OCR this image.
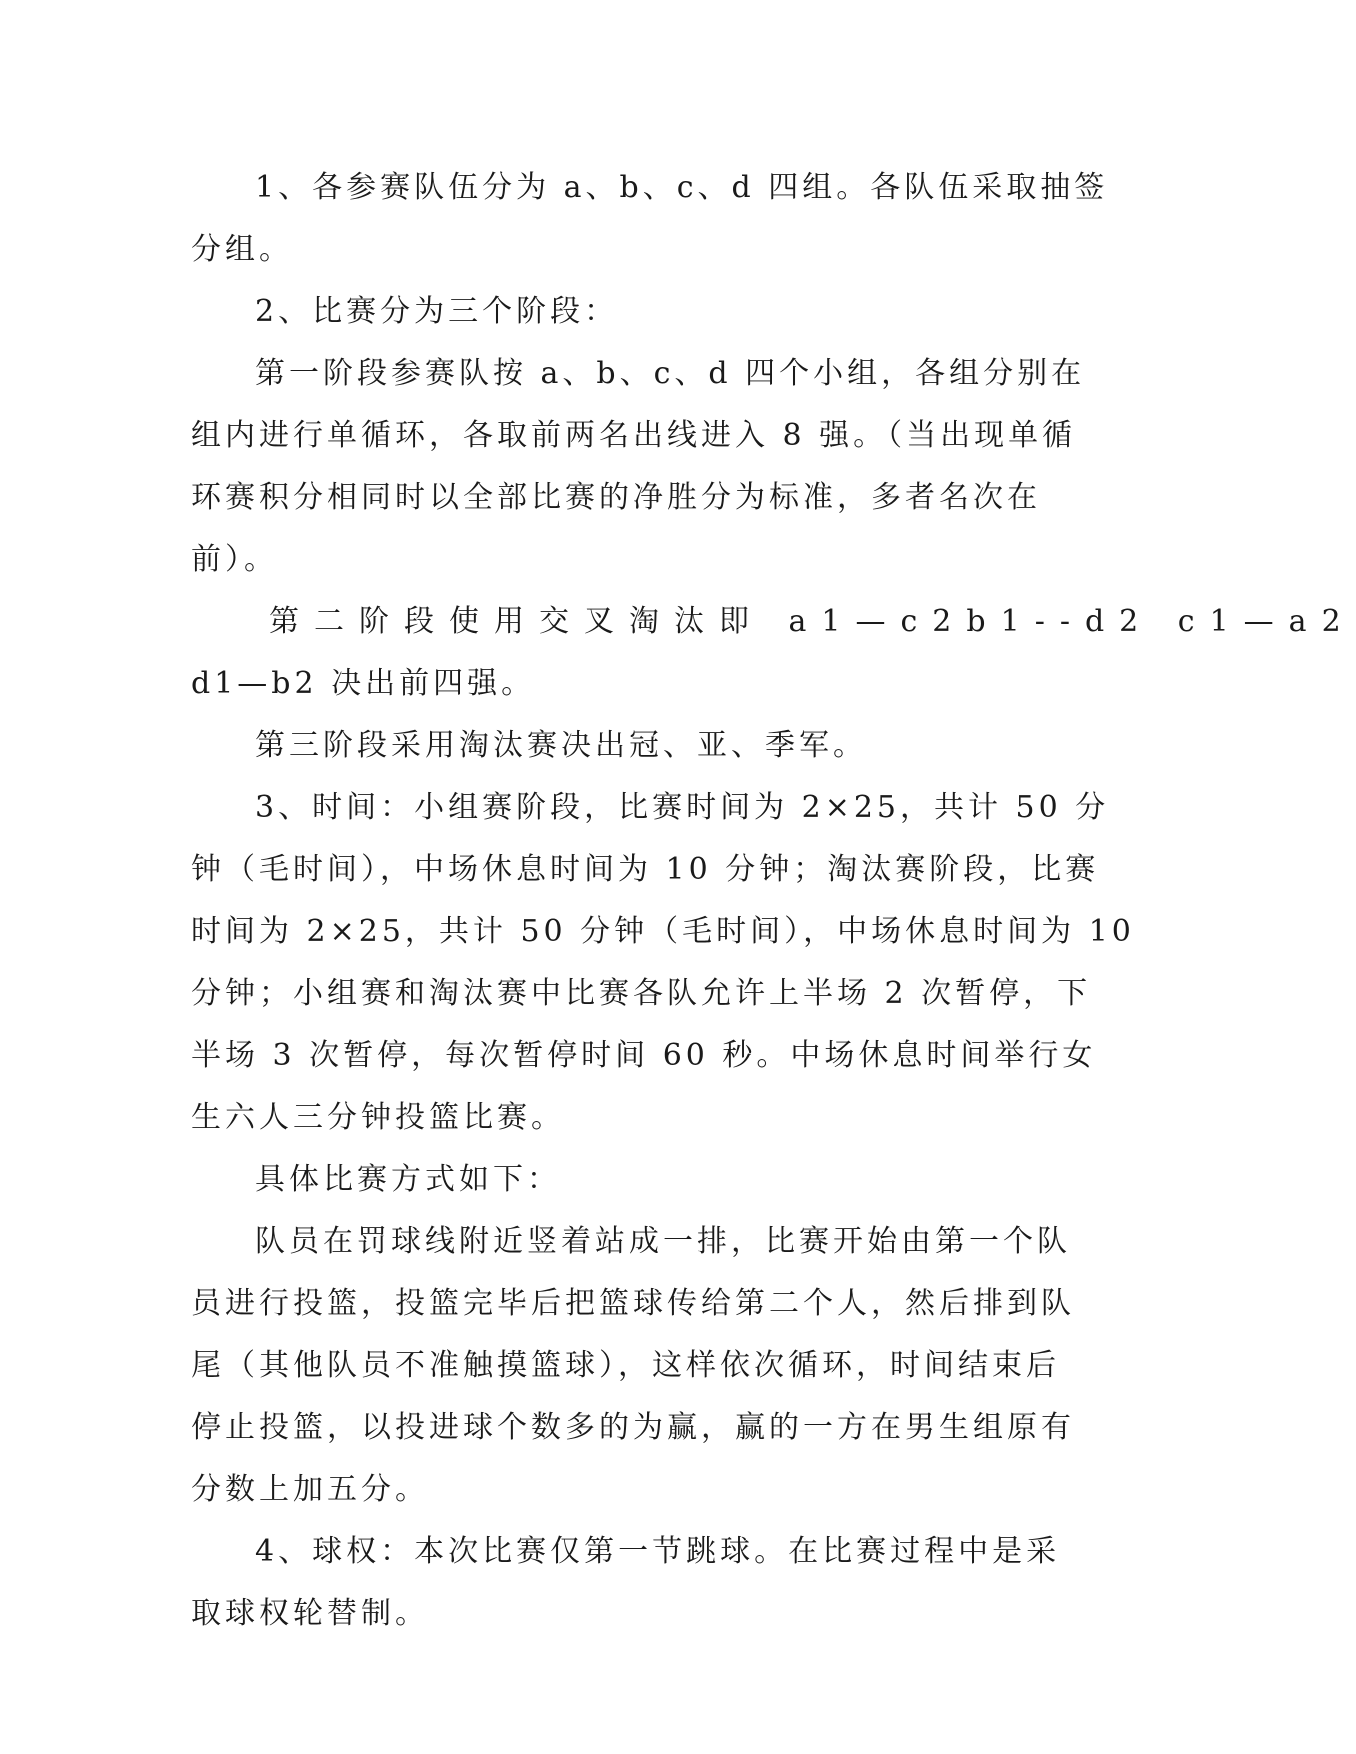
1、各参赛队伍分为 a、b、c、d 四组。各队伍采取抽签
分组。
2、比赛分为三个阶段：
第一阶段参赛队按 a、b、c、d 四个小组，各组分别在
组内进行单循环，各取前两名出线进入 8 强。（当出现单循
环赛积分相同时以全部比赛的净胜分为标准，多者名次在
前）。
第二阶段使用交叉淘汰即 a1—c2b1--d2 c1—a2
d1—b2 决出前四强。
第三阶段采用淘汰赛决出冠、亚、季军。
3、时间：小组赛阶段，比赛时间为 2×25，共计 50 分
钟（毛时间），中场休息时间为 10 分钟；淘汰赛阶段，比赛
时间为 2×25，共计 50 分钟（毛时间），中场休息时间为 10
分钟；小组赛和淘汰赛中比赛各队允许上半场 2 次暂停，下
半场 3 次暂停，每次暂停时间 60 秒。中场休息时间举行女
生六人三分钟投篮比赛。
具体比赛方式如下：
队员在罚球线附近竖着站成一排，比赛开始由第一个队
员进行投篮，投篮完毕后把篮球传给第二个人，然后排到队
尾（其他队员不准触摸篮球），这样依次循环，时间结束后
停止投篮，以投进球个数多的为赢，赢的一方在男生组原有
分数上加五分。
4、球权：本次比赛仅第一节跳球。在比赛过程中是采
取球权轮替制。
